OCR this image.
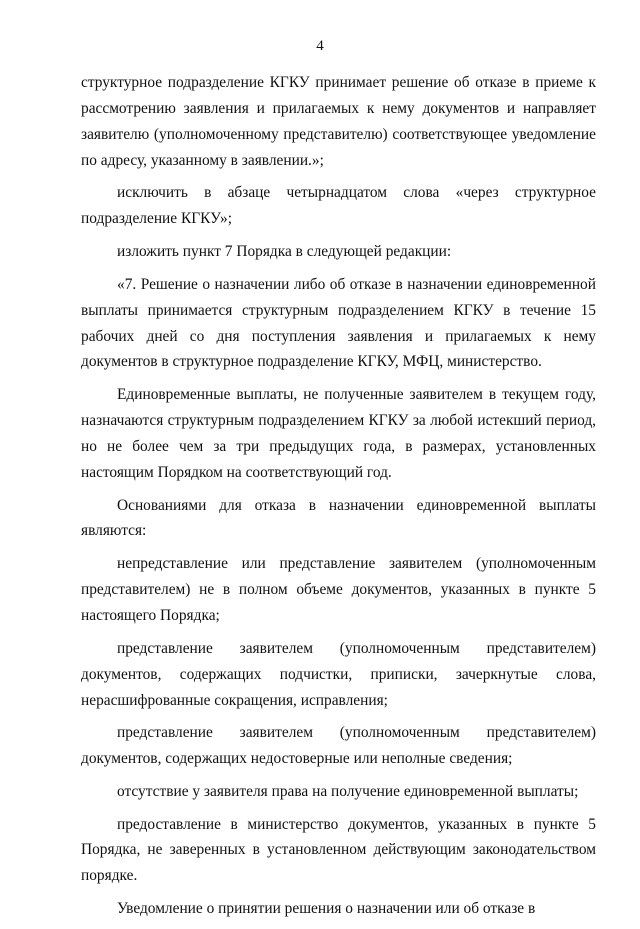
4

структурное подразделение КГКУ принимает решение об отказе в приеме к рассмотрению заявления и прилагаемых к нему документов и направляет заявителю (уполномоченному представителю) соответствующее уведомление по адресу, указанному в заявлении.»;

исключить в абзаце четырнадцатом слова «через структурное подразделение КГКУ»;

изложить пункт 7 Порядка в следующей редакции:

«7. Решение о назначении либо об отказе в назначении единовременной выплаты принимается структурным подразделением КГКУ в течение 15 рабочих дней со дня поступления заявления и прилагаемых к нему документов в структурное подразделение КГКУ, МФЦ, министерство.

Единовременные выплаты, не полученные заявителем в текущем году, назначаются структурным подразделением КГКУ за любой истекший период, но не более чем за три предыдущих года, в размерах, установленных настоящим Порядком на соответствующий год.

Основаниями для отказа в назначении единовременной выплаты являются:

непредставление или представление заявителем (уполномоченным представителем) не в полном объеме документов, указанных в пункте 5 настоящего Порядка;

представление заявителем (уполномоченным представителем) документов, содержащих подчистки, приписки, зачеркнутые слова, нерасшифрованные сокращения, исправления;

представление заявителем (уполномоченным представителем) документов, содержащих недостоверные или неполные сведения;

отсутствие у заявителя права на получение единовременной выплаты;

предоставление в министерство документов, указанных в пункте 5 Порядка, не заверенных в установленном действующим законодательством порядке.

Уведомление о принятии решения о назначении или об отказе в
